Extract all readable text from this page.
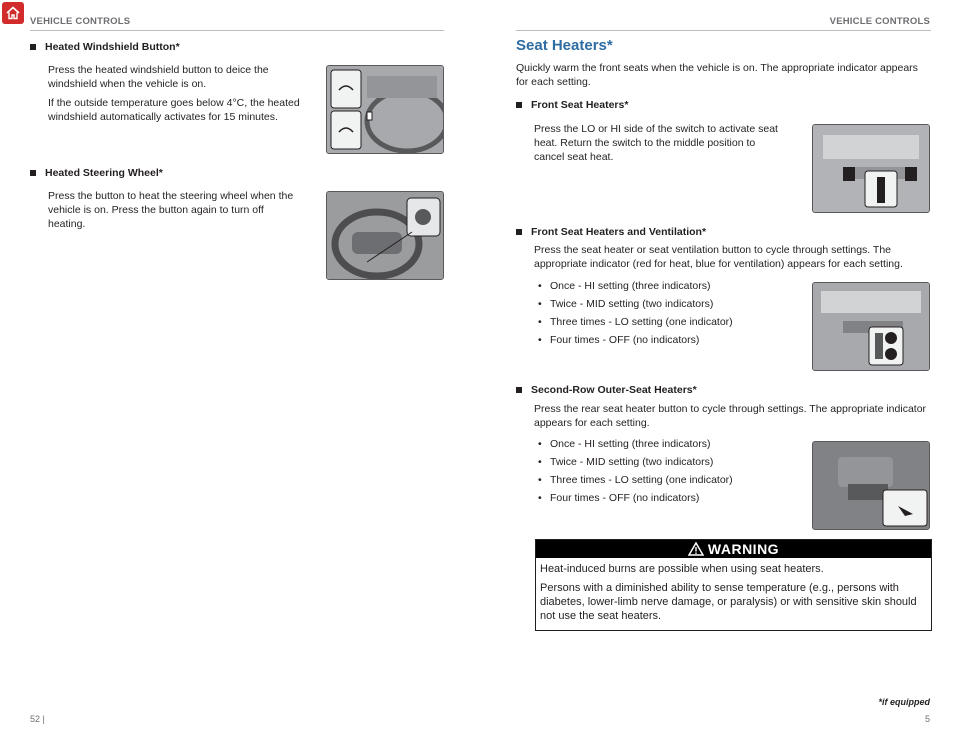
VEHICLE CONTROLS	VEHICLE CONTROLS
Heated Windshield Button*

Press the heated windshield button to deice the windshield when the vehicle is on.

If the outside temperature goes below 4°C, the heated windshield automatically activates for 15 minutes.

Heated Steering Wheel*

Press the button to heat the steering wheel when the vehicle is on. Press the button again to turn off heating.

Seat Heaters*

Quickly warm the front seats when the vehicle is on. The appropriate indicator appears for each setting.

Front Seat Heaters*

Press the LO or HI side of the switch to activate seat heat. Return the switch to the middle position to cancel seat heat.

Front Seat Heaters and Ventilation*

Press the seat heater or seat ventilation button to cycle through settings. The appropriate indicator (red for heat, blue for ventilation) appears for each setting.

• Once - HI setting (three indicators)
• Twice - MID setting (two indicators)
• Three times - LO setting (one indicator)
• Four times - OFF (no indicators)
Second-Row Outer-Seat Heaters*

Press the rear seat heater button to cycle through settings. The appropriate indicator appears for each setting.

• Once - HI setting (three indicators)
• Twice - MID setting (two indicators)
• Three times - LO setting (one indicator)
• Four times - OFF (no indicators)
WARNING

Heat-induced burns are possible when using seat heaters.

Persons with a diminished ability to sense temperature (e.g., persons with diabetes, lower-limb nerve damage, or paralysis) or with sensitive skin should not use the seat heaters.

*if equipped
52 |	5
